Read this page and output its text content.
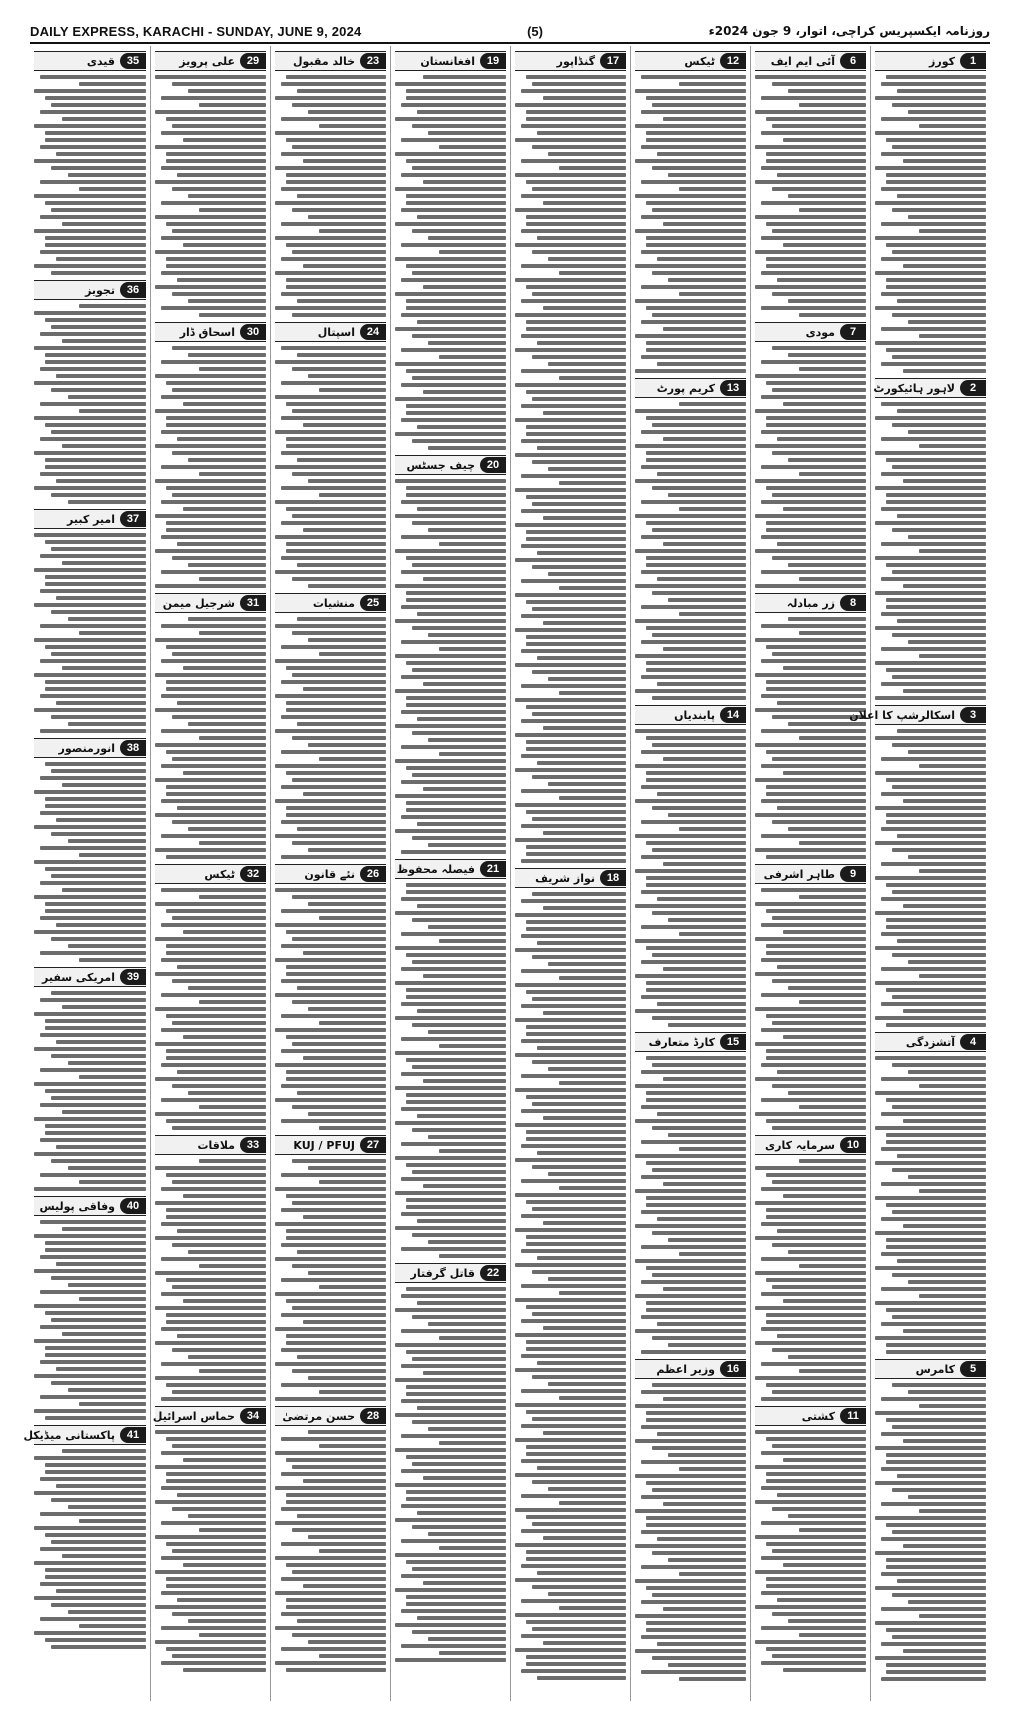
DAILY EXPRESS, KARACHI - SUNDAY, JUNE 9, 2024	(5)	روزنامہ ایکسپریس کراچی، اتوار، 9 جون 2024ء
1
کورز
2
لاہور ہائیکورٹ
3
اسکالرشپ کا اعلان
4
آتشزدگی
5
کامرس
6
آئی ایم ایف
7
مودی
8
زر مبادلہ
9
طاہر اشرفی
10
سرمایہ کاری
11
کشتی
12
ٹیکس
13
کریم پورٹ
14
پابندیاں
15
کارڈ متعارف
16
وزیر اعظم
17
گنڈاپور
18
نواز شریف
19
افغانستان
20
چیف جسٹس
21
فیصلہ محفوظ
22
قاتل گرفتار
23
خالد مقبول
24
اسپتال
25
منشیات
26
نئے قانون
27
KUJ / PFUJ
28
حسن مرتضیٰ
29
علی پرویز
30
اسحاق ڈار
31
شرجیل میمن
32
ٹیکس
33
ملاقات
34
حماس اسرائیل
35
قیدی
36
تجویز
37
امیر کبیر
38
انورمنصور
39
امریکی سفیر
40
وفاقی پولیس
41
پاکستانی میڈیکل
